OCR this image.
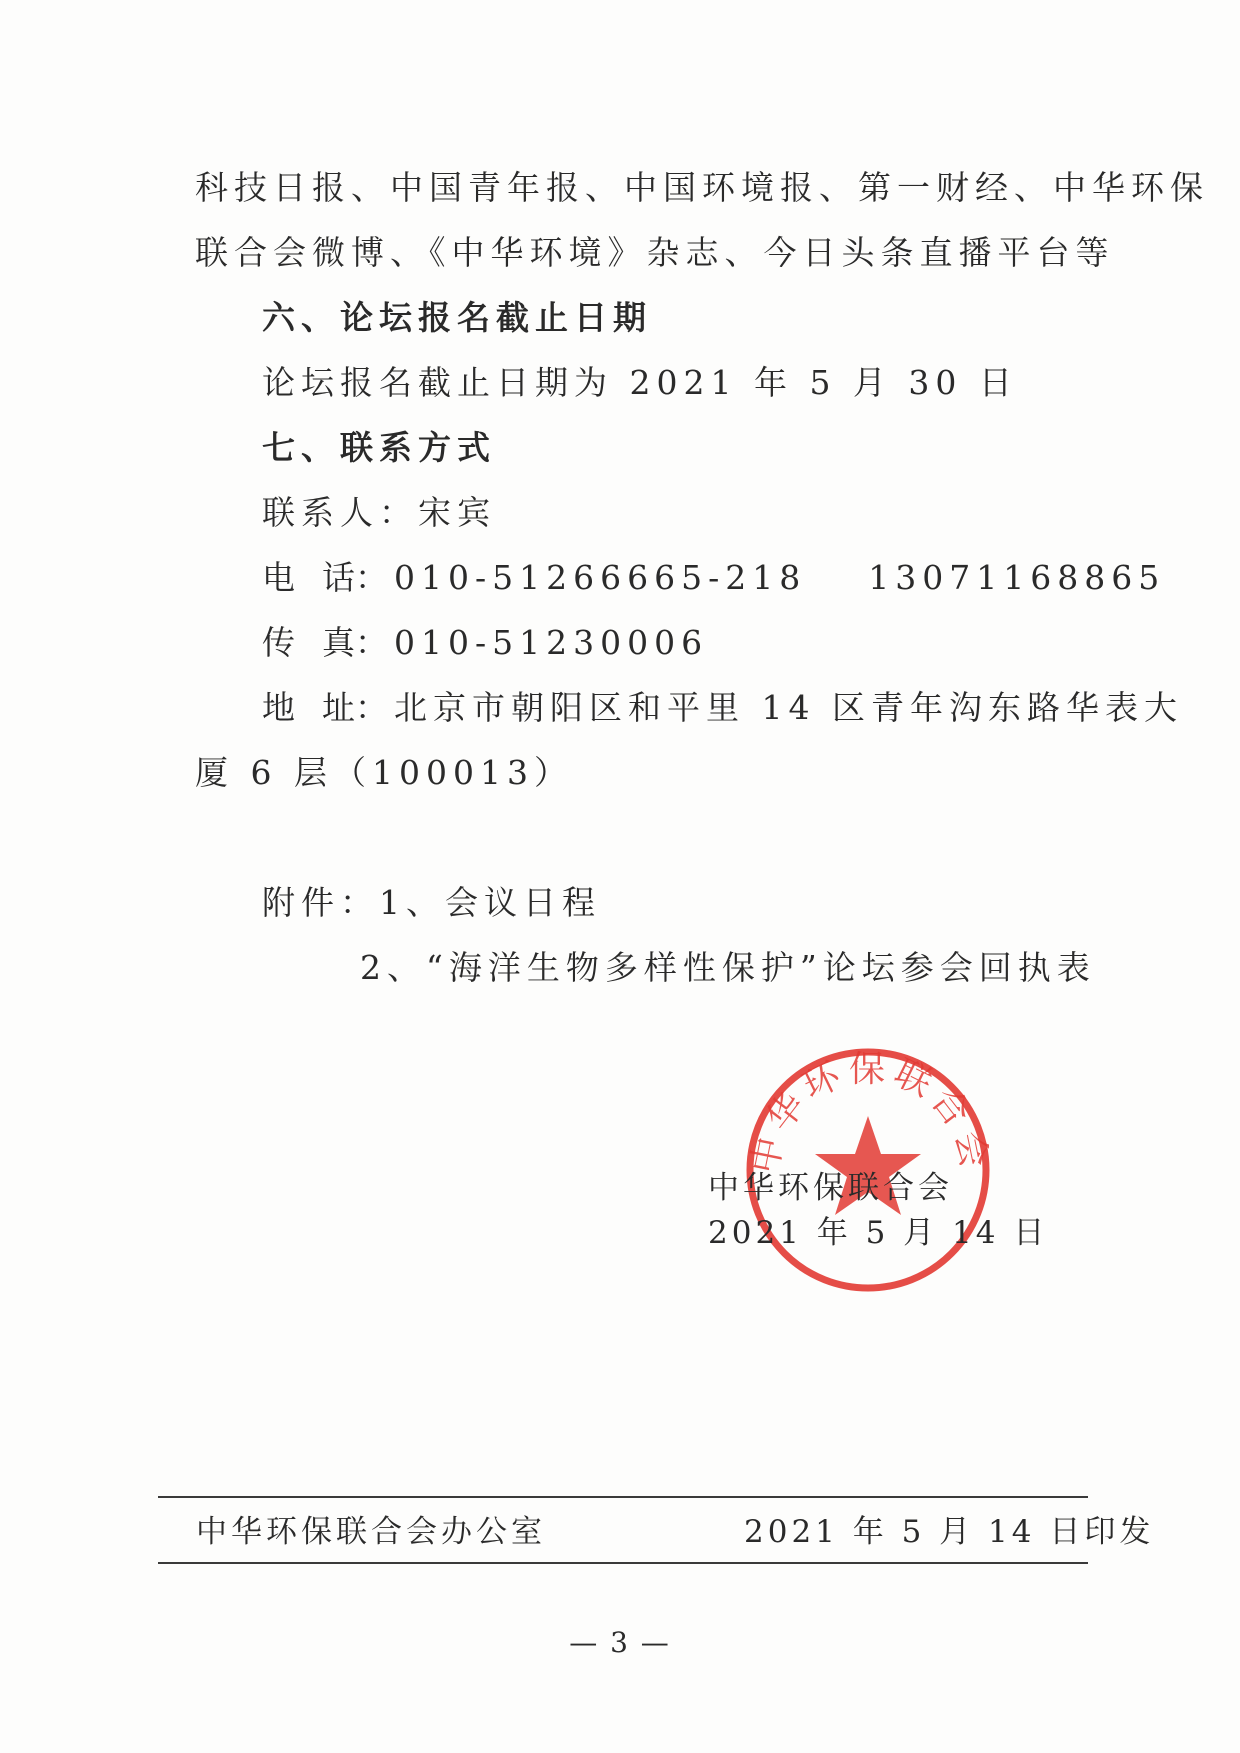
科技日报、中国青年报、中国环境报、第一财经、中华环保
联合会微博、《中华环境》杂志、今日头条直播平台等
六、论坛报名截止日期
论坛报名截止日期为 2021 年 5 月 30 日
七、联系方式
联系人：宋宾
电 话： 010-51266665-218 13071168865
传 真： 010-51230006
地 址： 北京市朝阳区和平里 14 区青年沟东路华表大
厦 6 层（100013）
附件：1、会议日程
2、“海洋生物多样性保护”论坛参会回执表
中华环保联合会
中华环保联合会
2021 年 5 月 14 日
中华环保联合会办公室	2021 年 5 月 14 日印发
— 3 —
